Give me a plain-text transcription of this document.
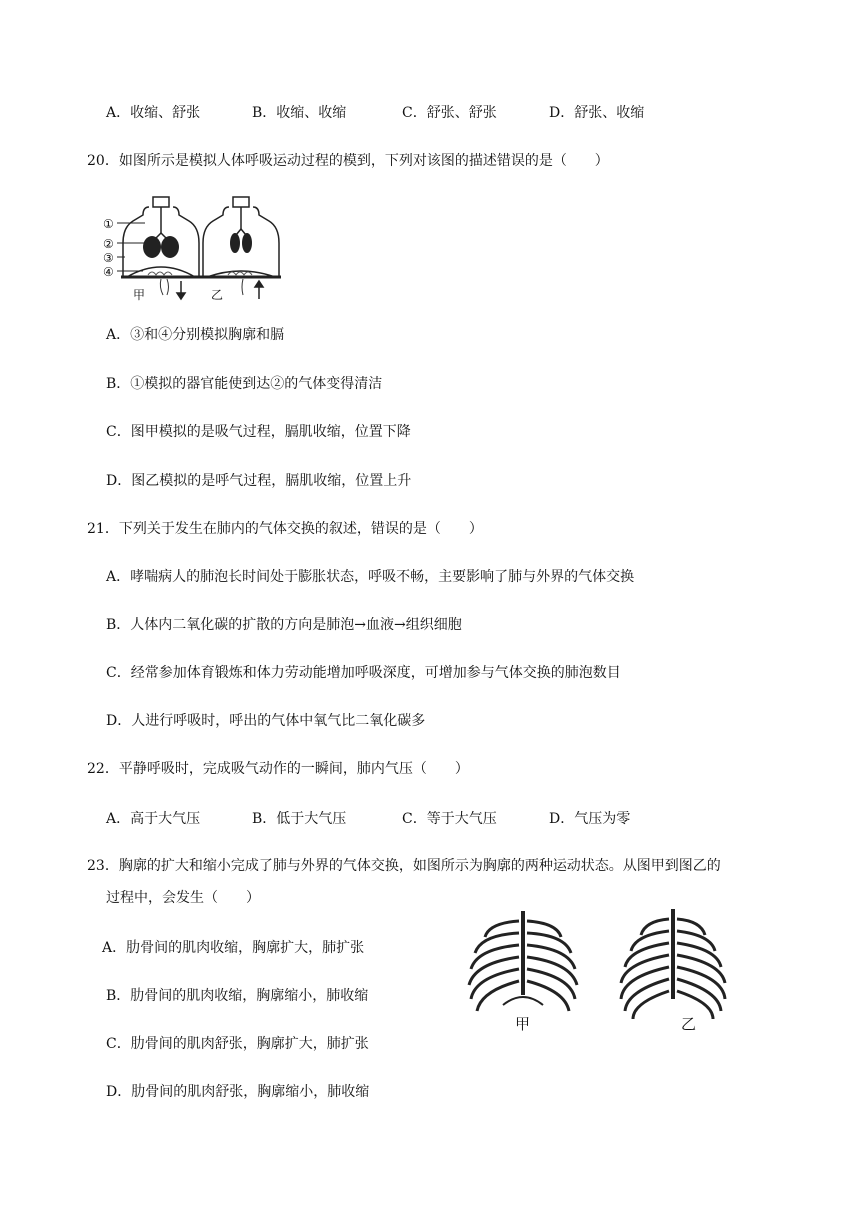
A．收缩、舒张	B．收缩、收缩	C．舒张、舒张	D．舒张、收缩
20．如图所示是模拟人体呼吸运动过程的模到，下列对该图的描述错误的是（　　）
①
②
③
④
甲	乙
A．③和④分别模拟胸廓和膈
B．①模拟的器官能使到达②的气体变得清洁
C．图甲模拟的是吸气过程，膈肌收缩，位置下降
D．图乙模拟的是呼气过程，膈肌收缩，位置上升
21．下列关于发生在肺内的气体交换的叙述，错误的是（　　）
A．哮喘病人的肺泡长时间处于膨胀状态，呼吸不畅，主要影响了肺与外界的气体交换
B．人体内二氧化碳的扩散的方向是肺泡→血液→组织细胞
C．经常参加体育锻炼和体力劳动能增加呼吸深度，可增加参与气体交换的肺泡数目
D．人进行呼吸时，呼出的气体中氧气比二氧化碳多
22．平静呼吸时，完成吸气动作的一瞬间，肺内气压（　　）
A．高于大气压	B．低于大气压	C．等于大气压	D．气压为零
23．胸廓的扩大和缩小完成了肺与外界的气体交换，如图所示为胸廓的两种运动状态。从图甲到图乙的
过程中，会发生（　　）
A．肋骨间的肌肉收缩，胸廓扩大，肺扩张
B．肋骨间的肌肉收缩，胸廓缩小，肺收缩
C．肋骨间的肌肉舒张，胸廓扩大，肺扩张
D．肋骨间的肌肉舒张，胸廓缩小，肺收缩
甲	乙
